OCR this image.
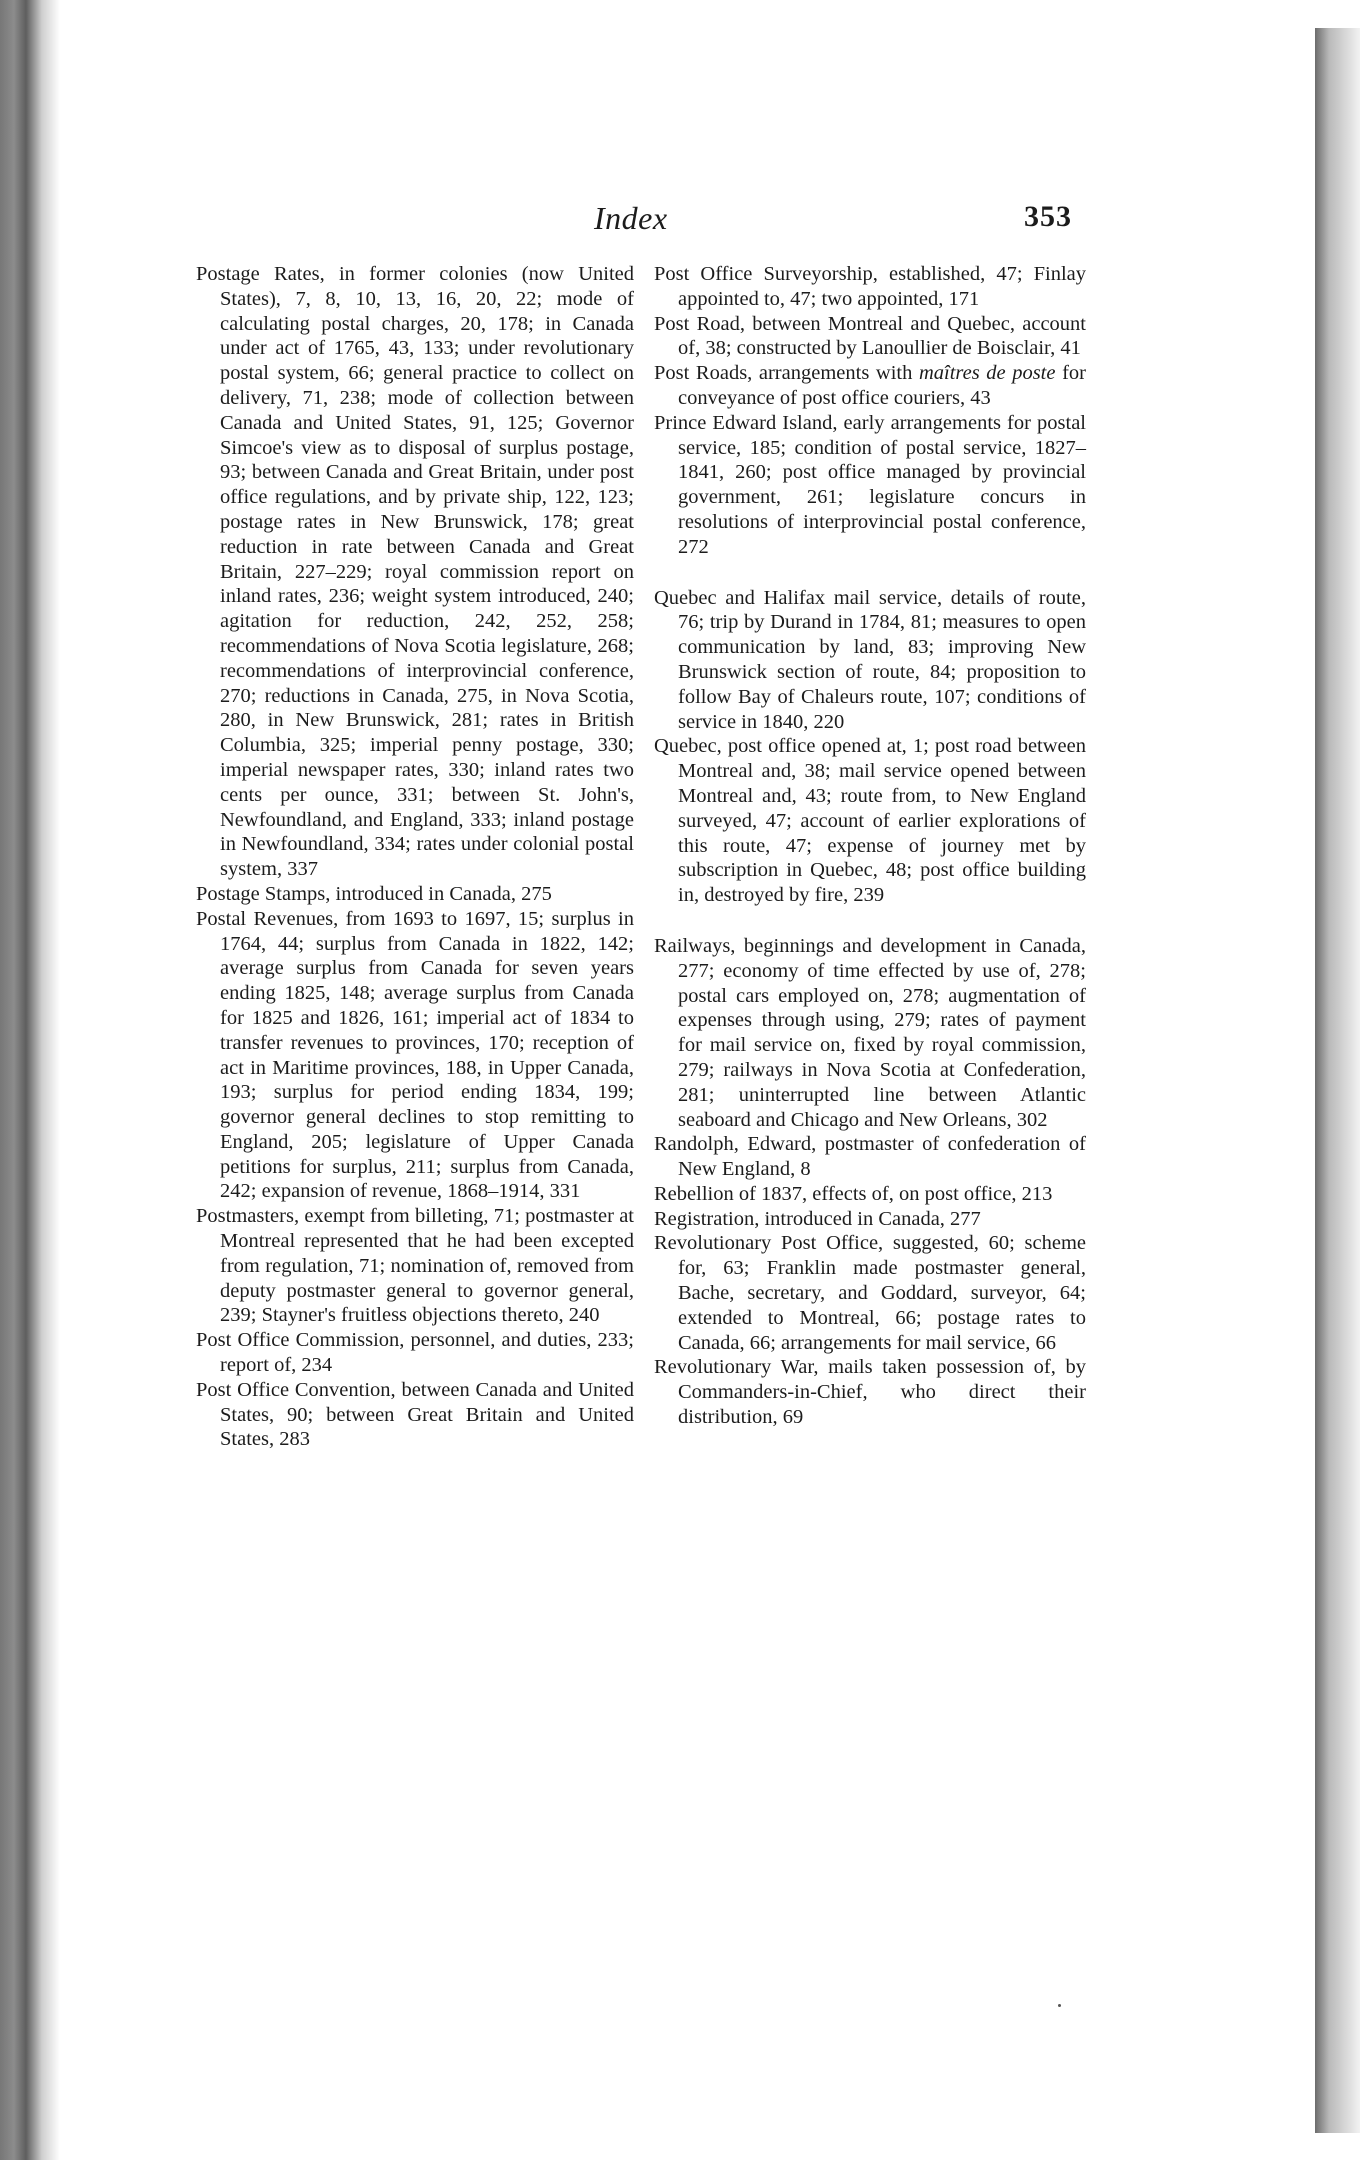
Index	353

Postage Rates, in former colonies (now United States), 7, 8, 10, 13, 16, 20, 22; mode of calculating postal charges, 20, 178; in Canada under act of 1765, 43, 133; under revolutionary postal system, 66; general practice to collect on delivery, 71, 238; mode of collection between Canada and United States, 91, 125; Governor Simcoe's view as to disposal of surplus postage, 93; between Canada and Great Britain, under post office regulations, and by private ship, 122, 123; postage rates in New Brunswick, 178; great reduction in rate between Canada and Great Britain, 227–229; royal commission report on inland rates, 236; weight system introduced, 240; agitation for reduction, 242, 252, 258; recommendations of Nova Scotia legislature, 268; recommendations of interprovincial conference, 270; reductions in Canada, 275, in Nova Scotia, 280, in New Brunswick, 281; rates in British Columbia, 325; imperial penny postage, 330; imperial newspaper rates, 330; inland rates two cents per ounce, 331; between St. John's, Newfoundland, and England, 333; inland postage in Newfoundland, 334; rates under colonial postal system, 337

Postage Stamps, introduced in Canada, 275

Postal Revenues, from 1693 to 1697, 15; surplus in 1764, 44; surplus from Canada in 1822, 142; average surplus from Canada for seven years ending 1825, 148; average surplus from Canada for 1825 and 1826, 161; imperial act of 1834 to transfer revenues to provinces, 170; reception of act in Maritime provinces, 188, in Upper Canada, 193; surplus for period ending 1834, 199; governor general declines to stop remitting to England, 205; legislature of Upper Canada petitions for surplus, 211; surplus from Canada, 242; expansion of revenue, 1868–1914, 331

Postmasters, exempt from billeting, 71; postmaster at Montreal represented that he had been excepted from regulation, 71; nomination of, removed from deputy postmaster general to governor general, 239; Stayner's fruitless objections thereto, 240

Post Office Commission, personnel, and duties, 233; report of, 234

Post Office Convention, between Canada and United States, 90; between Great Britain and United States, 283

Post Office Surveyorship, established, 47; Finlay appointed to, 47; two appointed, 171

Post Road, between Montreal and Quebec, account of, 38; constructed by Lanoullier de Boisclair, 41

Post Roads, arrangements with maîtres de poste for conveyance of post office couriers, 43

Prince Edward Island, early arrangements for postal service, 185; condition of postal service, 1827–1841, 260; post office managed by provincial government, 261; legislature concurs in resolutions of interprovincial postal conference, 272

Quebec and Halifax mail service, details of route, 76; trip by Durand in 1784, 81; measures to open communication by land, 83; improving New Brunswick section of route, 84; proposition to follow Bay of Chaleurs route, 107; conditions of service in 1840, 220

Quebec, post office opened at, 1; post road between Montreal and, 38; mail service opened between Montreal and, 43; route from, to New England surveyed, 47; account of earlier explorations of this route, 47; expense of journey met by subscription in Quebec, 48; post office building in, destroyed by fire, 239

Railways, beginnings and development in Canada, 277; economy of time effected by use of, 278; postal cars employed on, 278; augmentation of expenses through using, 279; rates of payment for mail service on, fixed by royal commission, 279; railways in Nova Scotia at Confederation, 281; uninterrupted line between Atlantic seaboard and Chicago and New Orleans, 302

Randolph, Edward, postmaster of confederation of New England, 8

Rebellion of 1837, effects of, on post office, 213

Registration, introduced in Canada, 277

Revolutionary Post Office, suggested, 60; scheme for, 63; Franklin made postmaster general, Bache, secretary, and Goddard, surveyor, 64; extended to Montreal, 66; postage rates to Canada, 66; arrangements for mail service, 66

Revolutionary War, mails taken possession of, by Commanders-in-Chief, who direct their distribution, 69
